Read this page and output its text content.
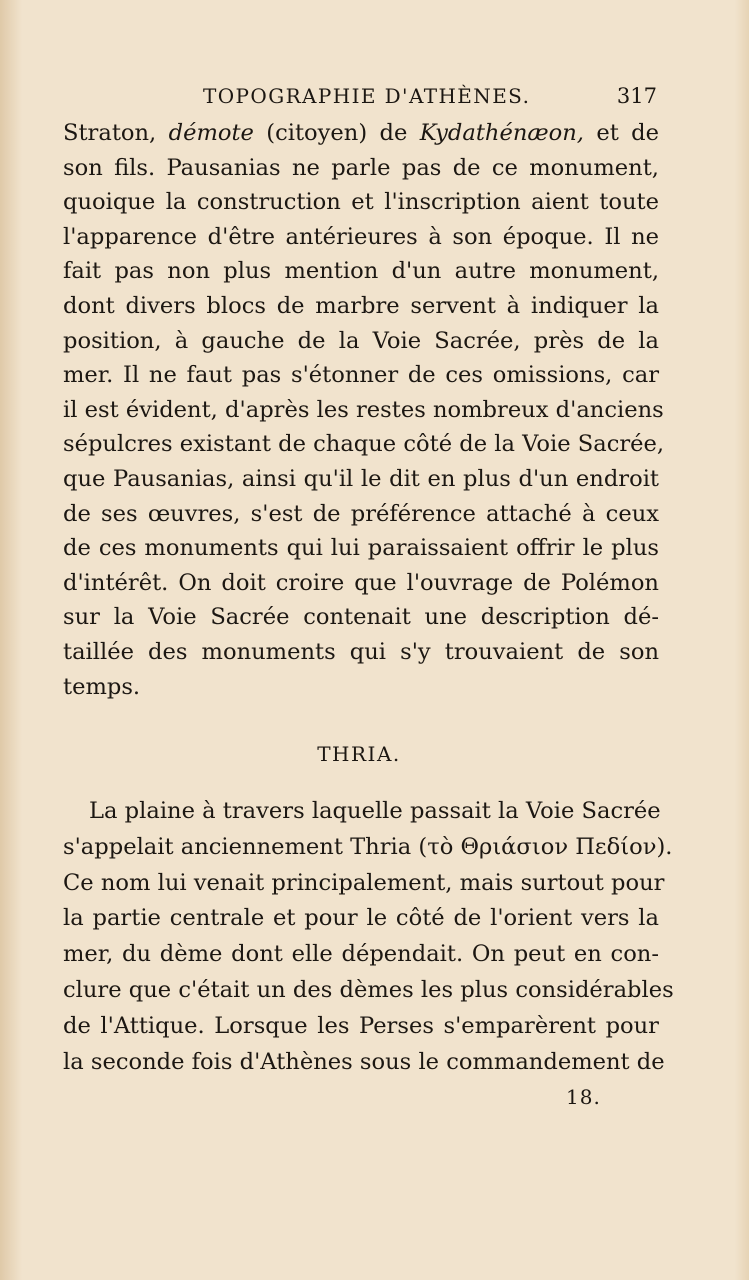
TOPOGRAPHIE D'ATHÈNES.	317
Straton, démote (citoyen) de Kydathénæon, et de
son fils. Pausanias ne parle pas de ce monument,
quoique la construction et l'inscription aient toute
l'apparence d'être antérieures à son époque. Il ne
fait pas non plus mention d'un autre monument,
dont divers blocs de marbre servent à indiquer la
position, à gauche de la Voie Sacrée, près de la
mer. Il ne faut pas s'étonner de ces omissions, car
il est évident, d'après les restes nombreux d'anciens
sépulcres existant de chaque côté de la Voie Sacrée,
que Pausanias, ainsi qu'il le dit en plus d'un endroit
de ses œuvres, s'est de préférence attaché à ceux
de ces monuments qui lui paraissaient offrir le plus
d'intérêt. On doit croire que l'ouvrage de Polémon
sur la Voie Sacrée contenait une description dé-
taillée des monuments qui s'y trouvaient de son
temps.
THRIA.
La plaine à travers laquelle passait la Voie Sacrée
s'appelait anciennement Thria (τὸ Θριάσιον Πεδίον).
Ce nom lui venait principalement, mais surtout pour
la partie centrale et pour le côté de l'orient vers la
mer, du dème dont elle dépendait. On peut en con-
clure que c'était un des dèmes les plus considérables
de l'Attique. Lorsque les Perses s'emparèrent pour
la seconde fois d'Athènes sous le commandement de
18.
